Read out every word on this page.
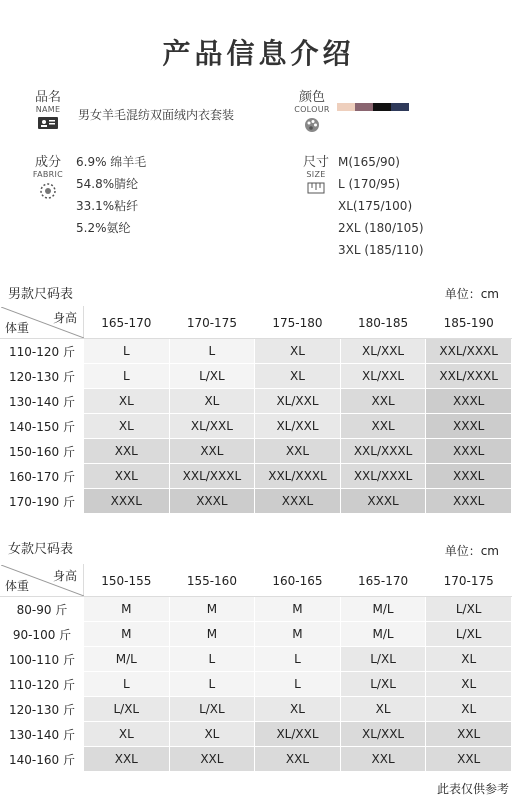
产品信息介绍
品名
NAME	男女羊毛混纺双面绒内衣套装
颜色
COLOUR
成分
FABRIC
6.9% 绵羊毛
54.8%腈纶
33.1%粘纤
5.2%氨纶
尺寸
SIZE
M(165/90)
L (170/95)
XL(175/100)
2XL (180/105)
3XL (185/110)
男款尺码表	单位：cm
身高
体重	165-170	170-175	175-180	180-185	185-190
110-120 斤	L	L	XL	XL/XXL	XXL/XXXL
120-130 斤	L	L/XL	XL	XL/XXL	XXL/XXXL
130-140 斤	XL	XL	XL/XXL	XXL	XXXL
140-150 斤	XL	XL/XXL	XL/XXL	XXL	XXXL
150-160 斤	XXL	XXL	XXL	XXL/XXXL	XXXL
160-170 斤	XXL	XXL/XXXL	XXL/XXXL	XXL/XXXL	XXXL
170-190 斤	XXXL	XXXL	XXXL	XXXL	XXXL
女款尺码表	单位：cm
身高
体重	150-155	155-160	160-165	165-170	170-175
80-90 斤	M	M	M	M/L	L/XL
90-100 斤	M	M	M	M/L	L/XL
100-110 斤	M/L	L	L	L/XL	XL
110-120 斤	L	L	L	L/XL	XL
120-130 斤	L/XL	L/XL	XL	XL	XL
130-140 斤	XL	XL	XL/XXL	XL/XXL	XXL
140-160 斤	XXL	XXL	XXL	XXL	XXL
此表仅供参考
